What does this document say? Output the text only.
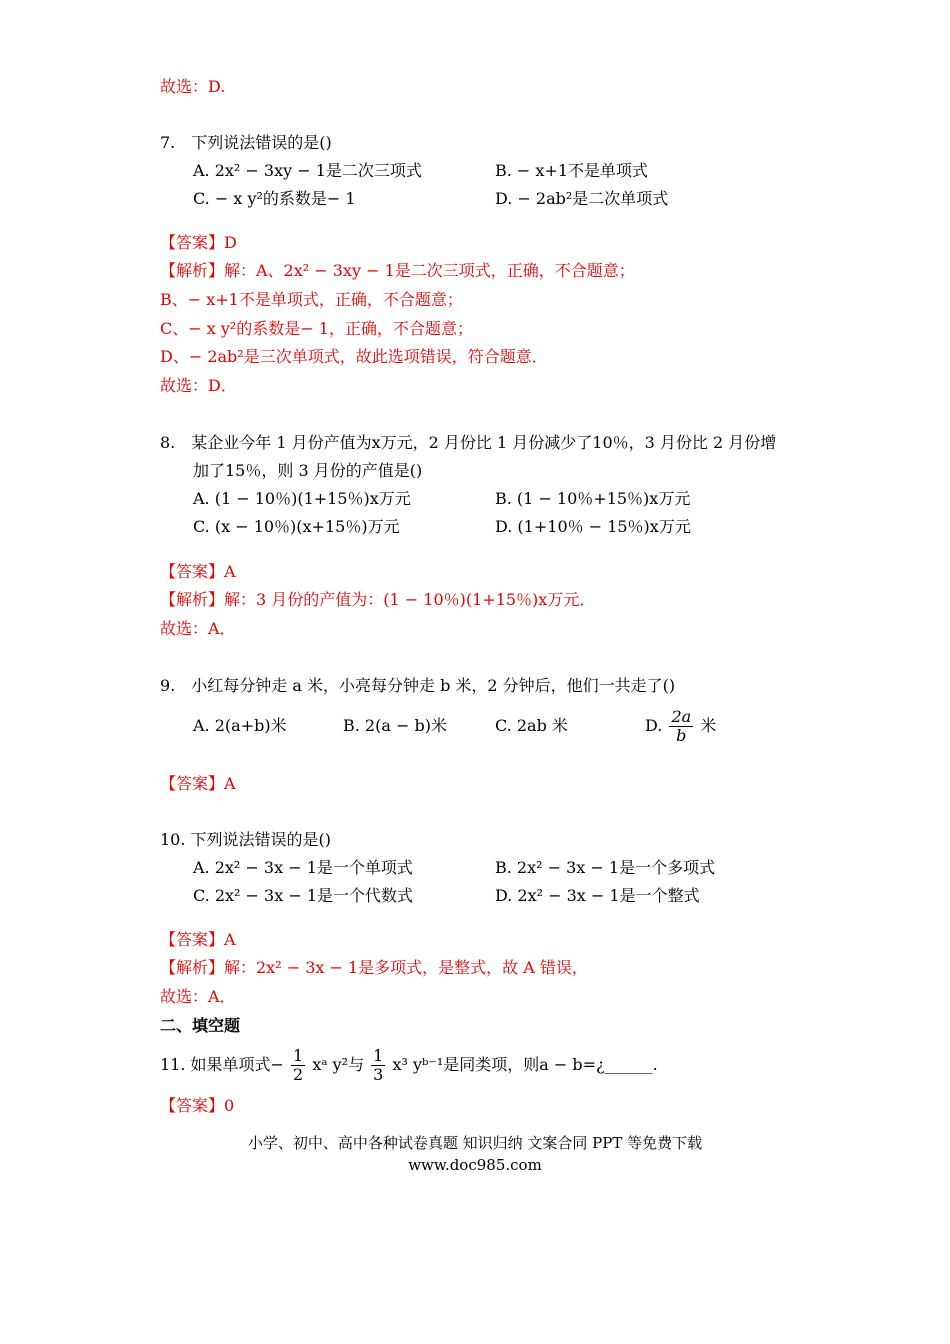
故选：D.
7.　下列说法错误的是()
A. 2x² − 3xy − 1是二次三项式	B. − x+1不是单项式
C. − x y²的系数是− 1	D. − 2ab²是二次单项式
【答案】D
【解析】解：A、2x² − 3xy − 1是二次三项式，正确，不合题意；
B、− x+1不是单项式，正确，不合题意；
C、− x y²的系数是− 1，正确，不合题意；
D、− 2ab²是三次单项式，故此选项错误，符合题意．
故选：D．
8.　某企业今年 1 月份产值为x万元，2 月份比 1 月份减少了10％，3 月份比 2 月份增
加了15％，则 3 月份的产值是()
A. (1 − 10％)(1+15％)x万元	B. (1 − 10％+15％)x万元
C. (x − 10％)(x+15％)万元	D. (1+10％ − 15％)x万元
【答案】A
【解析】解：3 月份的产值为：(1 − 10％)(1+15％)x万元．
故选：A．
9.　小红每分钟走 a 米，小亮每分钟走 b 米，2 分钟后，他们一共走了()
A. 2(a+b)米	B. 2(a − b)米	C. 2ab 米	D. $\frac{2a}{b}$ 米
【答案】A
10. 下列说法错误的是()
A. 2x² − 3x − 1是一个单项式	B. 2x² − 3x − 1是一个多项式
C. 2x² − 3x − 1是一个代数式	D. 2x² − 3x − 1是一个整式
【答案】A
【解析】解：2x² − 3x − 1是多项式，是整式，故 A 错误，
故选：A．
二、填空题
11. 如果单项式− $\frac{1}{2}$ xᵃ y²与 $\frac{1}{3} x^3$ yᵇ⁻¹是同类项，则a − b=¿______.
【答案】0
小学、初中、高中各种试卷真题 知识归纳 文案合同 PPT 等免费下载
www.doc985.com
